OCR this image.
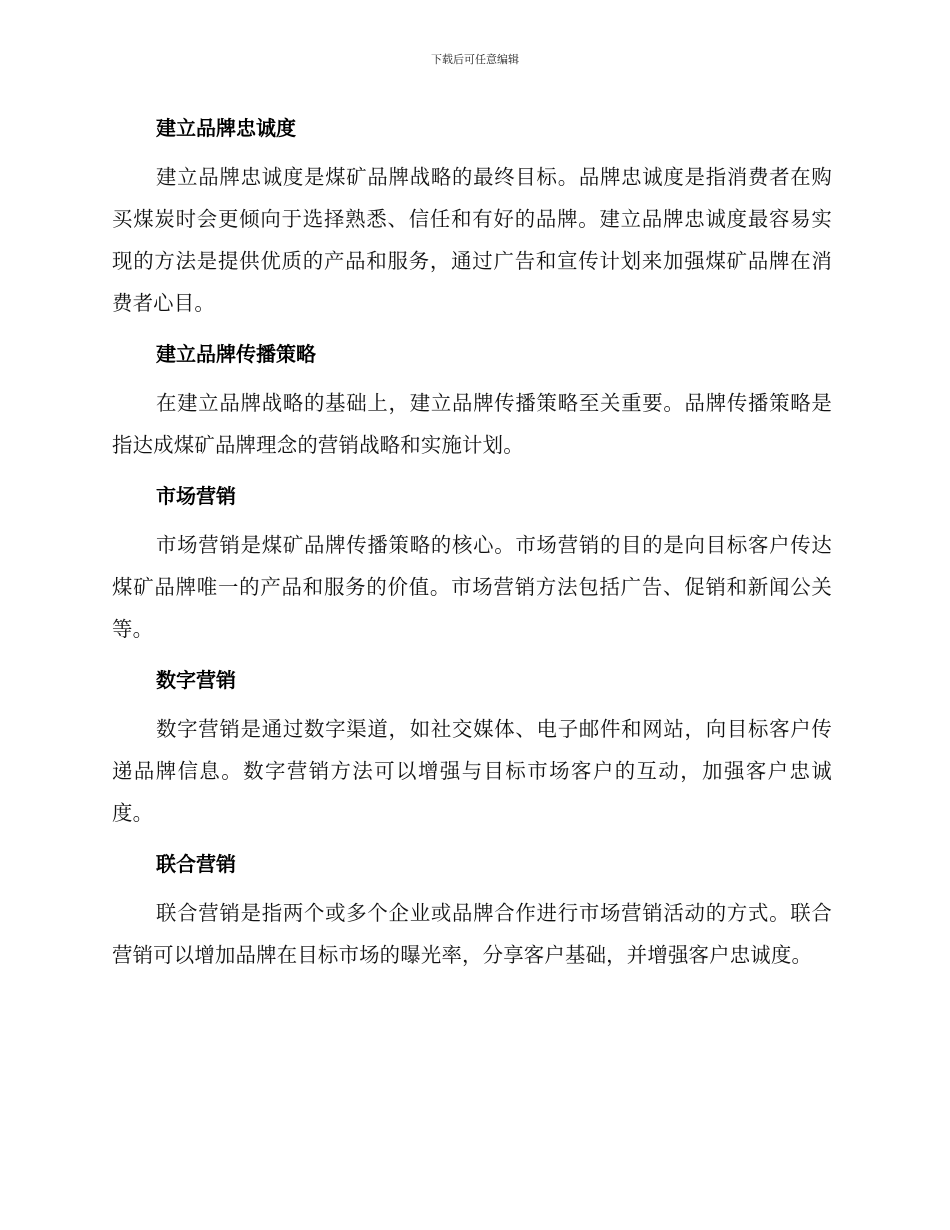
下载后可任意编辑
建立品牌忠诚度

建立品牌忠诚度是煤矿品牌战略的最终目标。品牌忠诚度是指消费者在购买煤炭时会更倾向于选择熟悉、信任和有好的品牌。建立品牌忠诚度最容易实现的方法是提供优质的产品和服务，通过广告和宣传计划来加强煤矿品牌在消费者心目。

建立品牌传播策略

在建立品牌战略的基础上，建立品牌传播策略至关重要。品牌传播策略是指达成煤矿品牌理念的营销战略和实施计划。

市场营销

市场营销是煤矿品牌传播策略的核心。市场营销的目的是向目标客户传达煤矿品牌唯一的产品和服务的价值。市场营销方法包括广告、促销和新闻公关等。

数字营销

数字营销是通过数字渠道，如社交媒体、电子邮件和网站，向目标客户传递品牌信息。数字营销方法可以增强与目标市场客户的互动，加强客户忠诚度。

联合营销

联合营销是指两个或多个企业或品牌合作进行市场营销活动的方式。联合营销可以增加品牌在目标市场的曝光率，分享客户基础，并增强客户忠诚度。
